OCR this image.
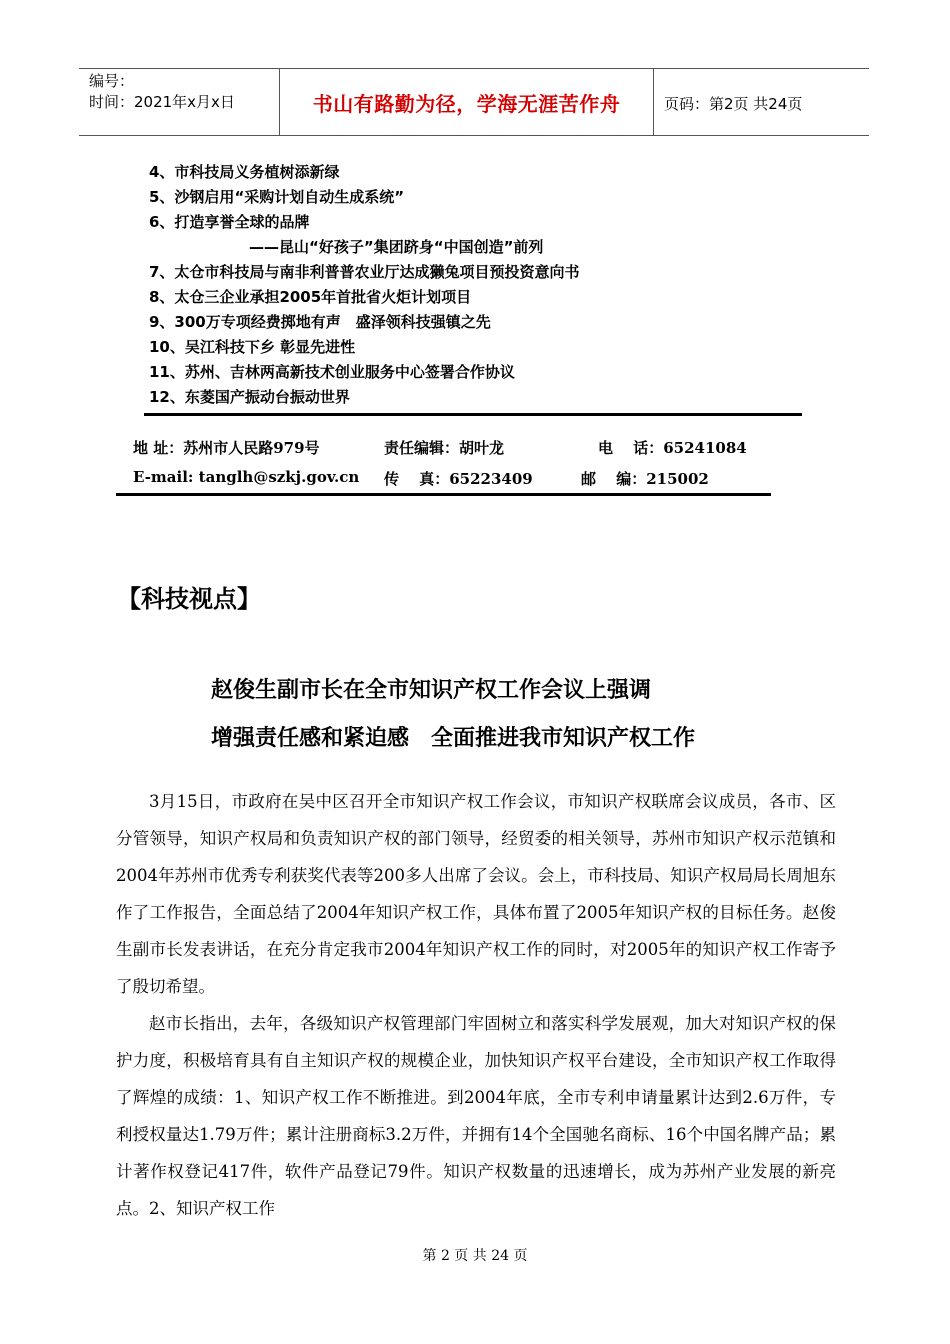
编号：
时间：2021年x月x日	书山有路勤为径，学海无涯苦作舟	页码：第2页 共24页
4、市科技局义务植树添新绿
5、沙钢启用“采购计划自动生成系统”
6、打造享誉全球的品牌
——昆山“好孩子”集团跻身“中国创造”前列
7、太仓市科技局与南非利普普农业厅达成獭兔项目预投资意向书
8、太仓三企业承担2005年首批省火炬计划项目
9、300万专项经费掷地有声　盛泽领科技强镇之先
10、吴江科技下乡 彰显先进性
11、苏州、吉林两高新技术创业服务中心签署合作协议
12、东菱国产振动台振动世界
地 址：苏州市人民路979号	责任编辑：胡叶龙	电　 话：65241084
E-mail: tanglh@szkj.gov.cn 传　 真：65223409	邮　 编：215002
【科技视点】
赵俊生副市长在全市知识产权工作会议上强调
增强责任感和紧迫感　全面推进我市知识产权工作

3月15日，市政府在吴中区召开全市知识产权工作会议，市知识产权联席会议成员，各市、区分管领导，知识产权局和负责知识产权的部门领导，经贸委的相关领导，苏州市知识产权示范镇和2004年苏州市优秀专利获奖代表等200多人出席了会议。会上，市科技局、知识产权局局长周旭东作了工作报告，全面总结了2004年知识产权工作，具体布置了2005年知识产权的目标任务。赵俊生副市长发表讲话，在充分肯定我市2004年知识产权工作的同时，对2005年的知识产权工作寄予了殷切希望。

赵市长指出，去年，各级知识产权管理部门牢固树立和落实科学发展观，加大对知识产权的保护力度，积极培育具有自主知识产权的规模企业，加快知识产权平台建设，全市知识产权工作取得了辉煌的成绩：1、知识产权工作不断推进。到2004年底，全市专利申请量累计达到2.6万件，专利授权量达1.79万件；累计注册商标3.2万件，并拥有14个全国驰名商标、16个中国名牌产品；累计著作权登记417件，软件产品登记79件。知识产权数量的迅速增长，成为苏州产业发展的新亮点。2、知识产权工作

第 2 页 共 24 页
